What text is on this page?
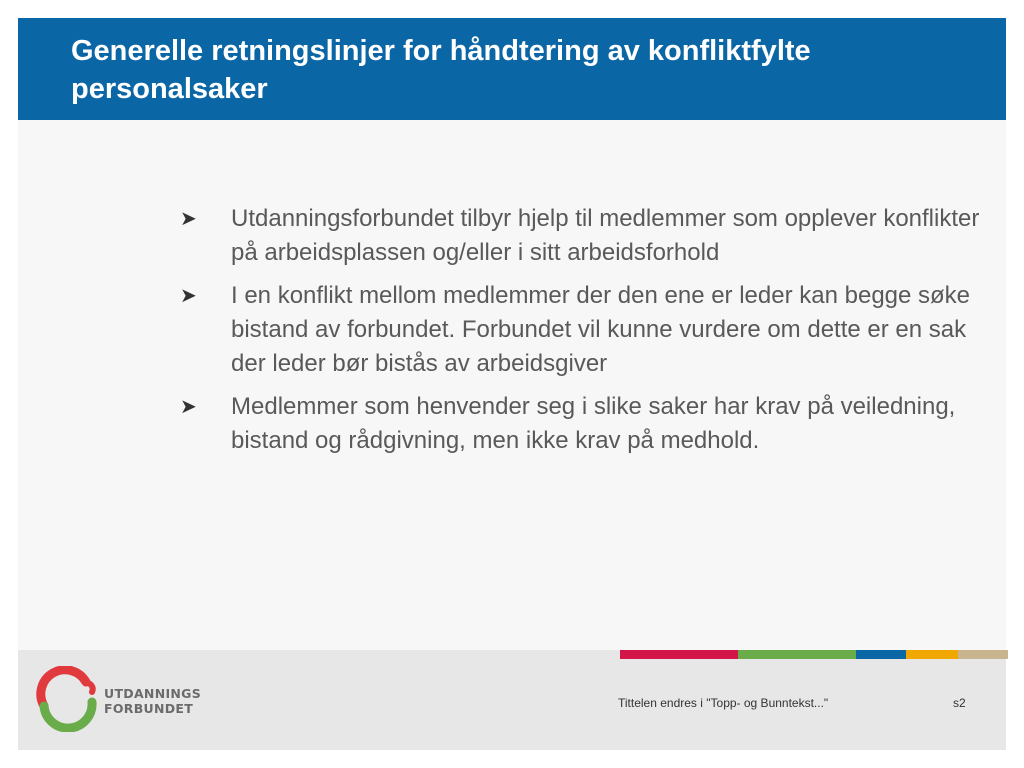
Generelle retningslinjer for håndtering av konfliktfylte personalsaker
➤	Utdanningsforbundet tilbyr hjelp til medlemmer som opplever konflikter på arbeidsplassen og/eller i sitt arbeidsforhold
➤	I en konflikt mellom medlemmer der den ene er leder kan begge søke bistand av forbundet. Forbundet vil kunne vurdere om dette er en sak der leder bør bistås av arbeidsgiver
➤	Medlemmer som henvender seg i slike saker har krav på veiledning, bistand og rådgivning, men ikke krav på medhold.
UTDANNINGS
FORBUNDET	Tittelen endres i "Topp- og Bunntekst..."	s2
